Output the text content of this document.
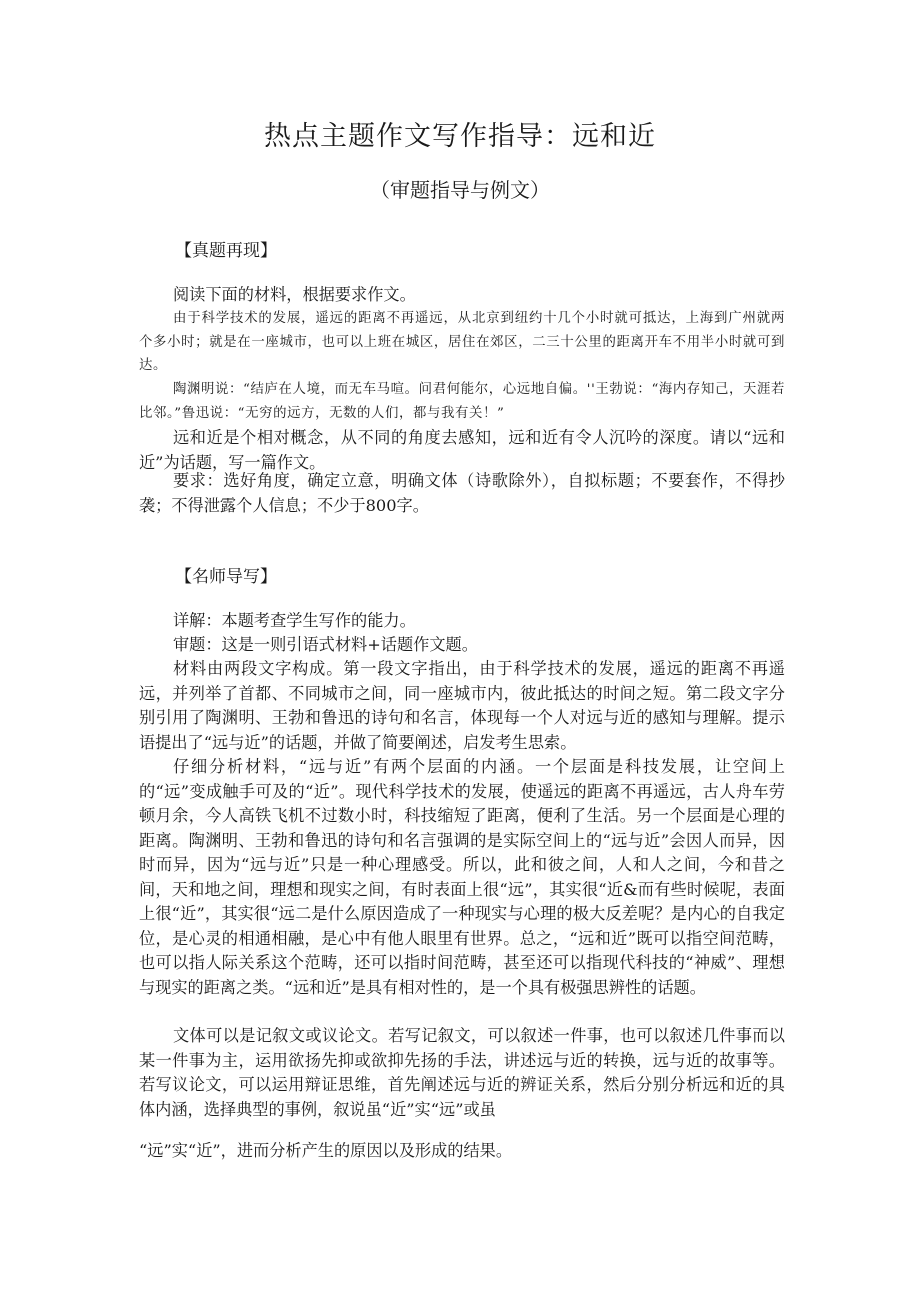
热点主题作文写作指导：远和近
（审题指导与例文）
【真题再现】

阅读下面的材料，根据要求作文。

由于科学技术的发展，遥远的距离不再遥远，从北京到纽约十几个小时就可抵达，上海到广州就两个多小时；就是在一座城市，也可以上班在城区，居住在郊区，二三十公里的距离开车不用半小时就可到达。

陶渊明说：“结庐在人境，而无车马喧。问君何能尔，心远地自偏。''王勃说：“海内存知己，天涯若比邻。”鲁迅说：“无穷的远方，无数的人们，都与我有关！”

远和近是个相对概念，从不同的角度去感知，远和近有令人沉吟的深度。请以“远和近”为话题，写一篇作文。

要求：选好角度，确定立意，明确文体（诗歌除外），自拟标题；不要套作，不得抄袭；不得泄露个人信息；不少于800字。

【名师导写】

详解：本题考查学生写作的能力。

审题：这是一则引语式材料+话题作文题。

材料由两段文字构成。第一段文字指出，由于科学技术的发展，遥远的距离不再遥远，并列举了首都、不同城市之间，同一座城市内，彼此抵达的时间之短。第二段文字分别引用了陶渊明、王勃和鲁迅的诗句和名言，体现每一个人对远与近的感知与理解。提示语提出了“远与近”的话题，并做了简要阐述，启发考生思索。

仔细分析材料，“远与近”有两个层面的内涵。一个层面是科技发展，让空间上的“远”变成触手可及的“近”。现代科学技术的发展，使遥远的距离不再遥远，古人舟车劳顿月余，今人高铁飞机不过数小时，科技缩短了距离，便利了生活。另一个层面是心理的距离。陶渊明、王勃和鲁迅的诗句和名言强调的是实际空间上的“远与近”会因人而异，因时而异，因为“远与近”只是一种心理感受。所以，此和彼之间，人和人之间，今和昔之间，天和地之间，理想和现实之间，有时表面上很“远”，其实很“近&而有些时候呢，表面上很“近”，其实很“远二是什么原因造成了一种现实与心理的极大反差呢？是内心的自我定位，是心灵的相通相融，是心中有他人眼里有世界。总之，“远和近”既可以指空间范畴，也可以指人际关系这个范畴，还可以指时间范畴，甚至还可以指现代科技的“神威”、理想与现实的距离之类。“远和近”是具有相对性的，是一个具有极强思辨性的话题。

文体可以是记叙文或议论文。若写记叙文，可以叙述一件事，也可以叙述几件事而以某一件事为主，运用欲扬先抑或欲抑先扬的手法，讲述远与近的转换，远与近的故事等。若写议论文，可以运用辩证思维，首先阐述远与近的辨证关系，然后分别分析远和近的具体内涵，选择典型的事例，叙说虽“近”实“远”或虽

“远”实“近”，进而分析产生的原因以及形成的结果。
